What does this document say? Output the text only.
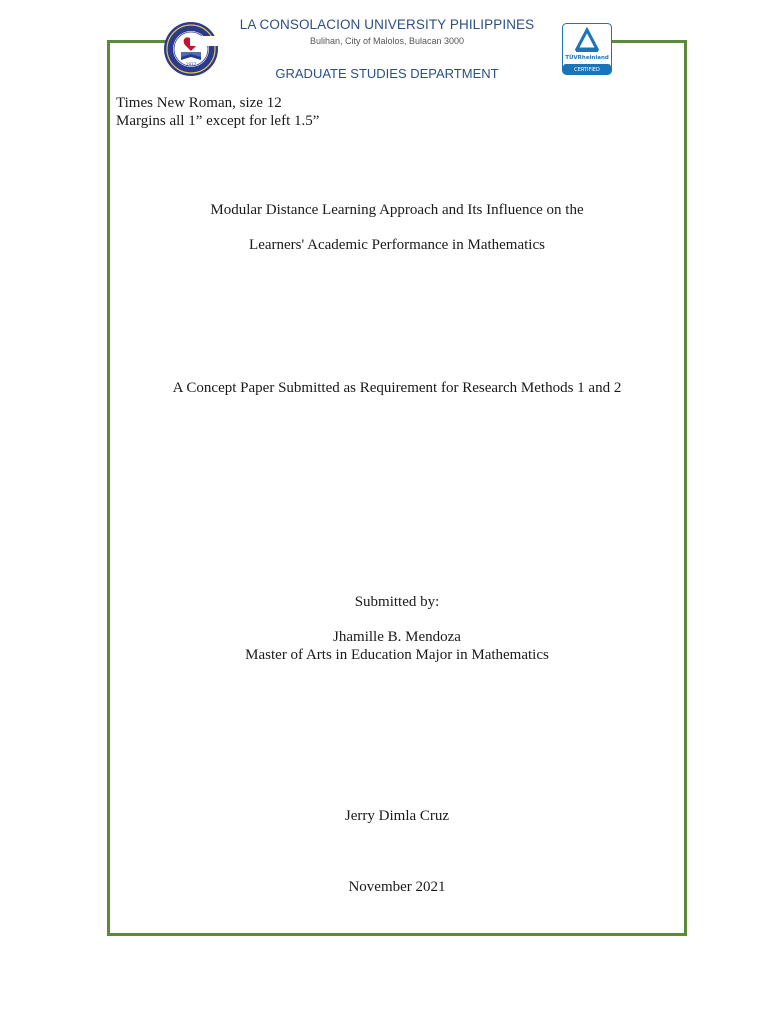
1937
LA CONSOLACION UNIVERSITY PHILIPPINES
Bulihan, City of Malolos, Bulacan 3000
GRADUATE STUDIES DEPARTMENT
TÜVRheinland
CERTIFIED
Times New Roman, size 12
Margins all 1” except for left 1.5”
Modular Distance Learning Approach and Its Influence on the
Learners' Academic Performance in Mathematics
A Concept Paper Submitted as Requirement for Research Methods 1 and 2
Submitted by:
Jhamille B. Mendoza
Master of Arts in Education Major in Mathematics
Jerry Dimla Cruz
November 2021
